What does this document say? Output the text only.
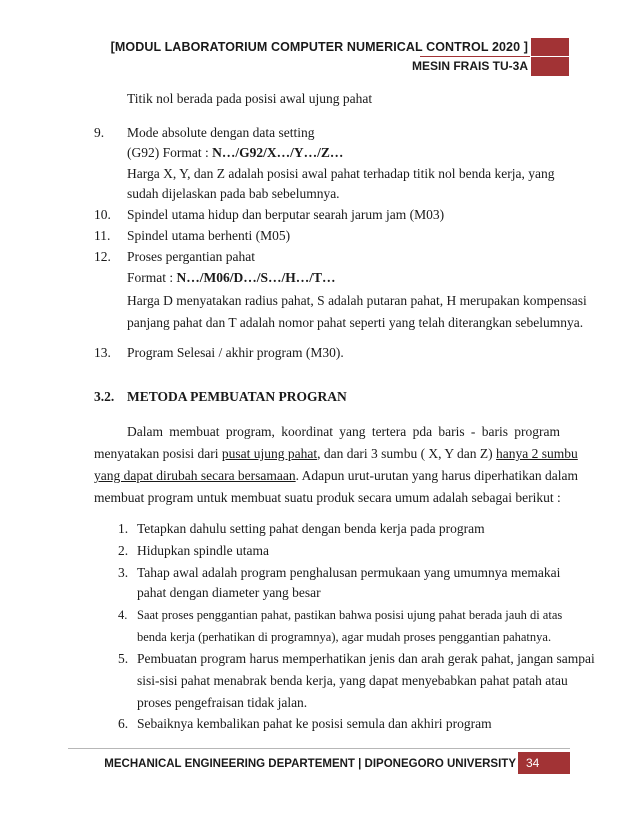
[MODUL LABORATORIUM COMPUTER NUMERICAL CONTROL 2020 ]
MESIN FRAIS TU-3A
Titik nol berada pada posisi awal ujung pahat
9. Mode absolute dengan data setting
(G92) Format : N…/G92/X…/Y…/Z…
Harga X, Y, dan Z adalah posisi awal pahat terhadap titik nol benda kerja, yang
sudah dijelaskan pada bab sebelumnya.
10. Spindel utama hidup dan berputar searah jarum jam (M03)
11. Spindel utama berhenti (M05)
12. Proses pergantian pahat
Format : N…/M06/D…/S…/H…/T…
Harga D menyatakan radius pahat, S adalah putaran pahat, H merupakan kompensasi
panjang pahat dan T adalah nomor pahat seperti yang telah diterangkan sebelumnya.
13. Program Selesai / akhir program (M30).
3.2. METODA PEMBUATAN PROGRAN
Dalam membuat program, koordinat yang tertera pda baris - baris program
menyatakan posisi dari pusat ujung pahat, dan dari 3 sumbu ( X, Y dan Z) hanya 2 sumbu
yang dapat dirubah secara bersamaan. Adapun urut-urutan yang harus diperhatikan dalam
membuat program untuk membuat suatu produk secara umum adalah sebagai berikut :
1. Tetapkan dahulu setting pahat dengan benda kerja pada program
2. Hidupkan spindle utama
3. Tahap awal adalah program penghalusan permukaan yang umumnya memakai
pahat dengan diameter yang besar
4. Saat proses penggantian pahat, pastikan bahwa posisi ujung pahat berada jauh di atas
benda kerja (perhatikan di programnya), agar mudah proses penggantian pahatnya.
5. Pembuatan program harus memperhatikan jenis dan arah gerak pahat, jangan sampai
sisi-sisi pahat menabrak benda kerja, yang dapat menyebabkan pahat patah atau
proses pengefraisan tidak jalan.
6. Sebaiknya kembalikan pahat ke posisi semula dan akhiri program
MECHANICAL ENGINEERING DEPARTEMENT | DIPONEGORO UNIVERSITY 34
